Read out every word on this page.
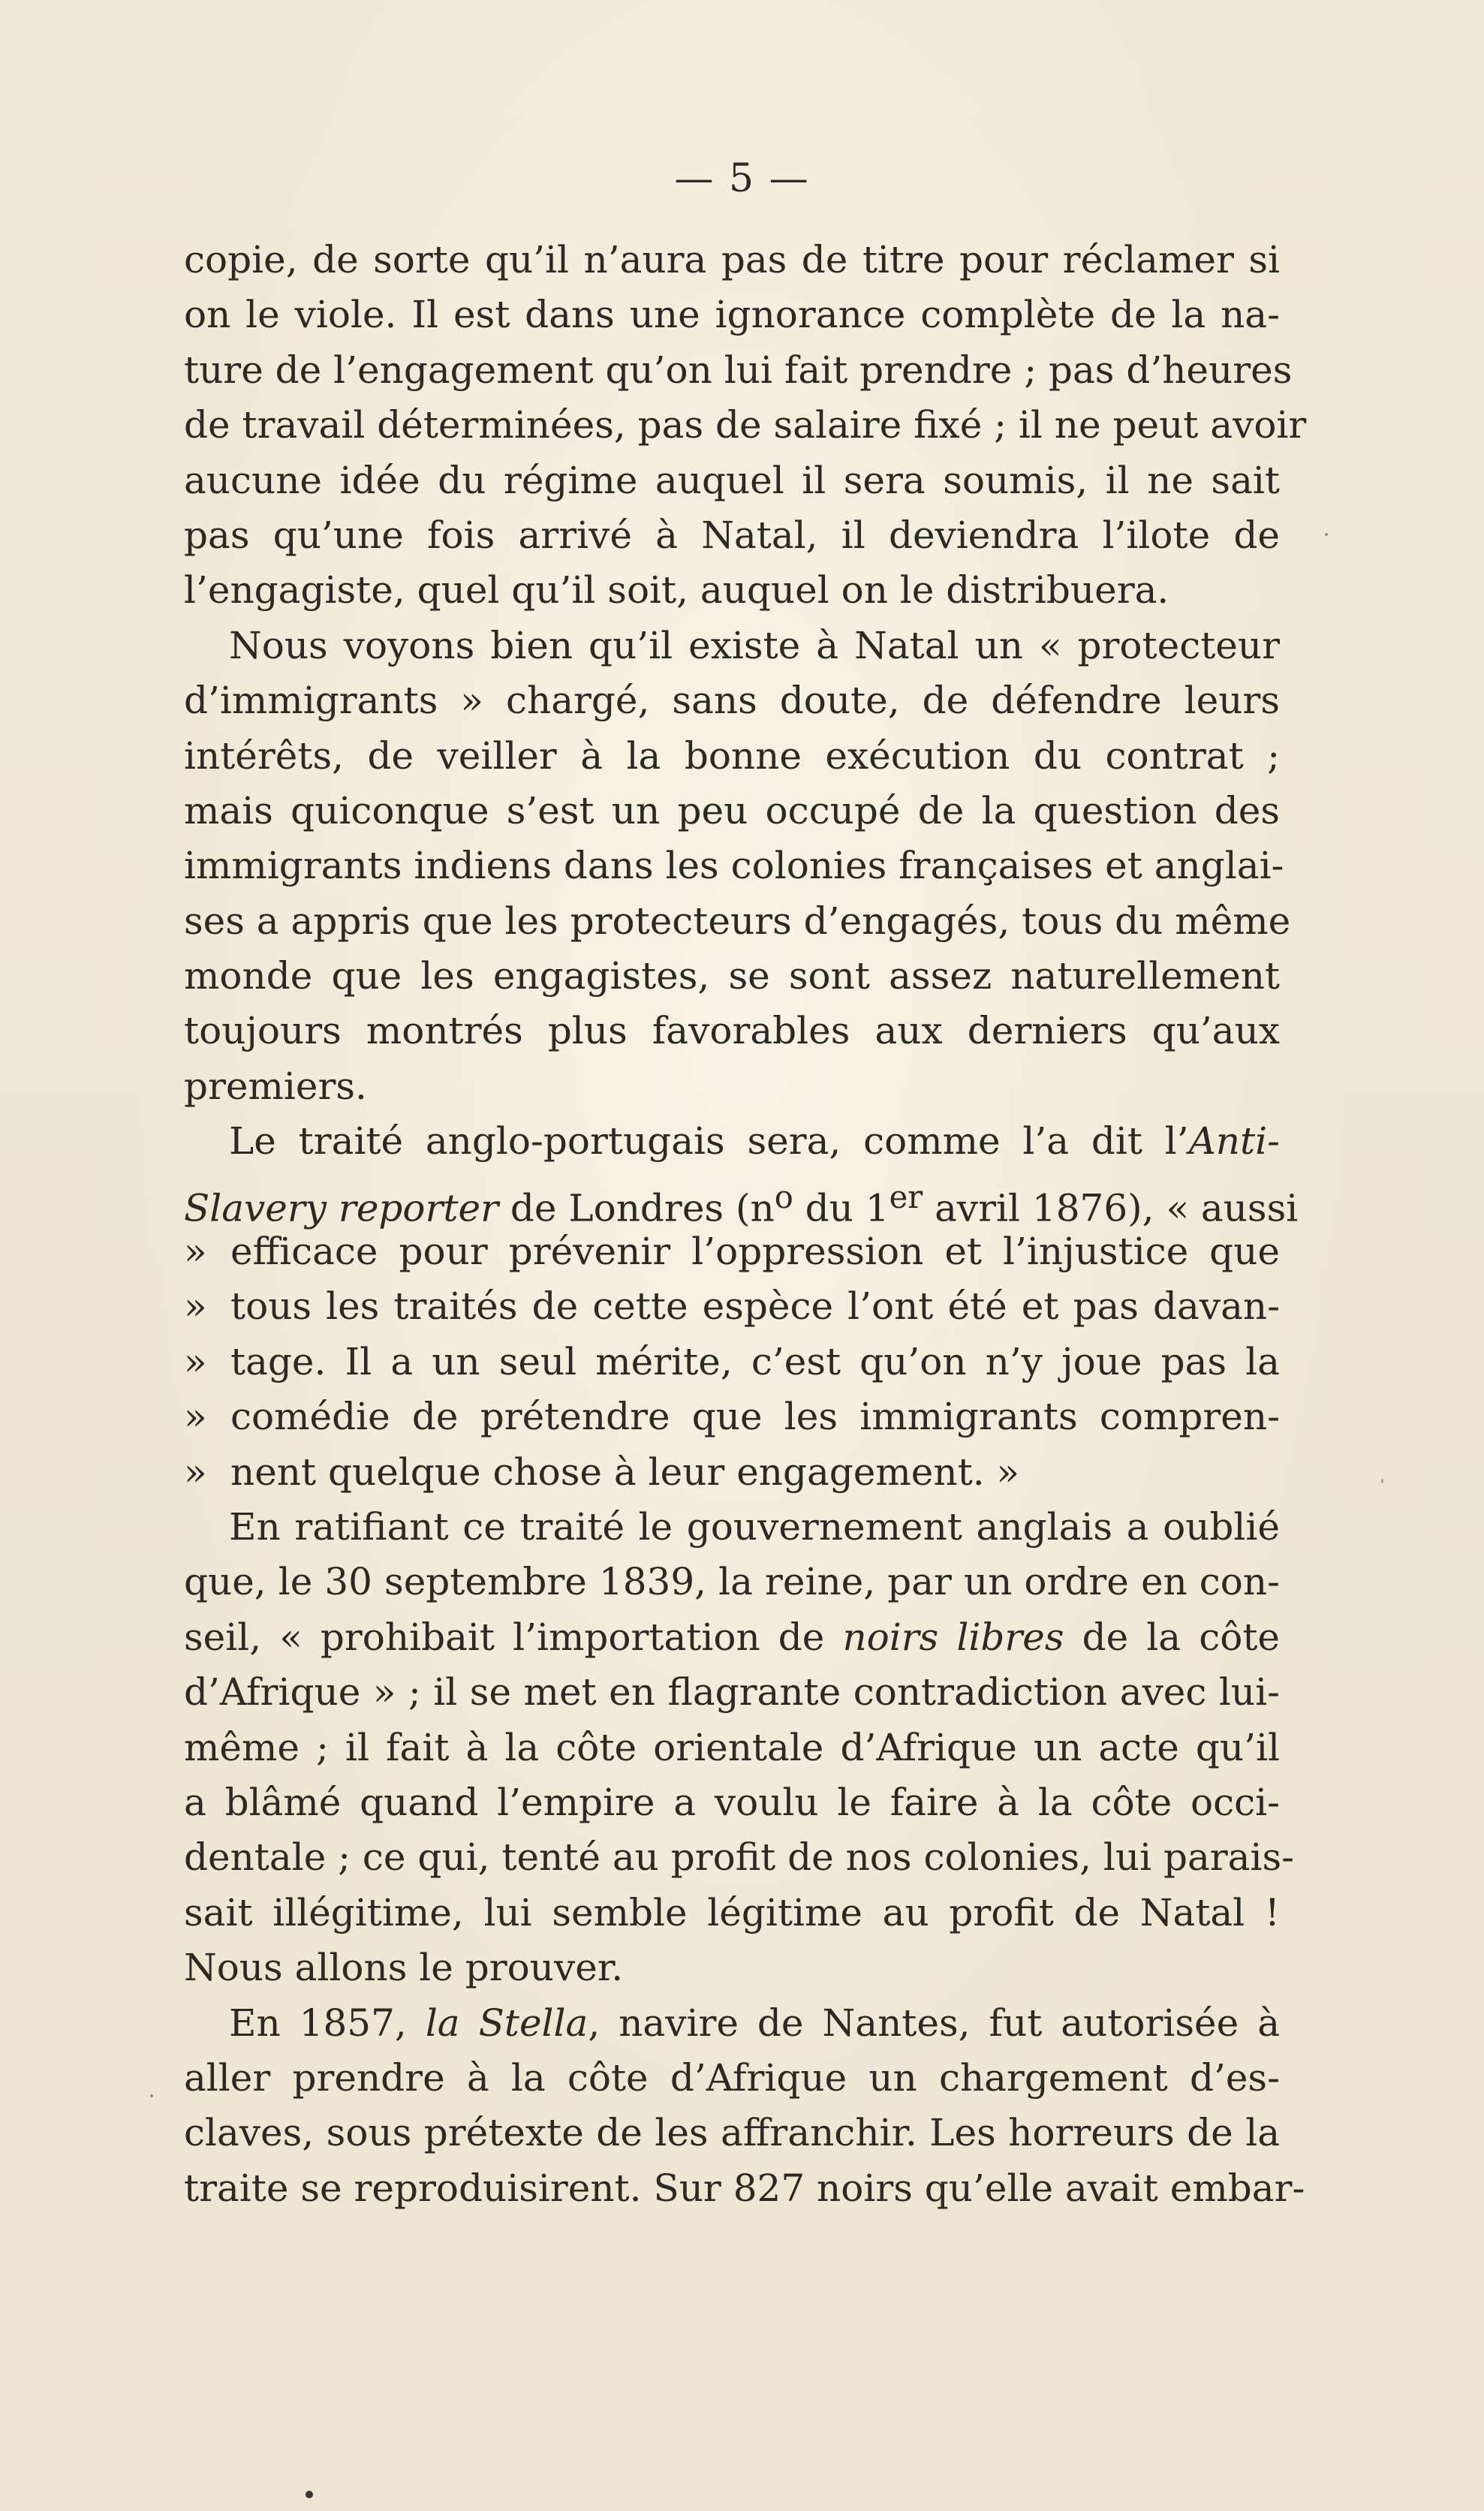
— 5 —
copie, de sorte qu’il n’aura pas de titre pour réclamer si
on le viole. Il est dans une ignorance complète de la na-
ture de l’engagement qu’on lui fait prendre ; pas d’heures
de travail déterminées, pas de salaire fixé ; il ne peut avoir
aucune idée du régime auquel il sera soumis, il ne sait
pas qu’une fois arrivé à Natal, il deviendra l’ilote de
l’engagiste, quel qu’il soit, auquel on le distribuera.
Nous voyons bien qu’il existe à Natal un « protecteur
d’immigrants » chargé, sans doute, de défendre leurs
intérêts, de veiller à la bonne exécution du contrat ;
mais quiconque s’est un peu occupé de la question des
immigrants indiens dans les colonies françaises et anglai-
ses a appris que les protecteurs d’engagés, tous du même
monde que les engagistes, se sont assez naturellement
toujours montrés plus favorables aux derniers qu’aux
premiers.
Le traité anglo-portugais sera, comme l’a dit l’Anti-
Slavery reporter de Londres ($n^o$ du 1er avril 1876), « aussi
» efficace pour prévenir l’oppression et l’injustice que
» tous les traités de cette espèce l’ont été et pas davan-
» tage. Il a un seul mérite, c’est qu’on n’y joue pas la
» comédie de prétendre que les immigrants compren-
» nent quelque chose à leur engagement. »
En ratifiant ce traité le gouvernement anglais a oublié
que, le 30 septembre 1839, la reine, par un ordre en con-
seil, « prohibait l’importation de noirs libres de la côte
d’Afrique » ; il se met en flagrante contradiction avec lui-
même ; il fait à la côte orientale d’Afrique un acte qu’il
a blâmé quand l’empire a voulu le faire à la côte occi-
dentale ; ce qui, tenté au profit de nos colonies, lui parais-
sait illégitime, lui semble légitime au profit de Natal !
Nous allons le prouver.
En 1857, la Stella, navire de Nantes, fut autorisée à
aller prendre à la côte d’Afrique un chargement d’es-
claves, sous prétexte de les affranchir. Les horreurs de la
traite se reproduisirent. Sur 827 noirs qu’elle avait embar-
